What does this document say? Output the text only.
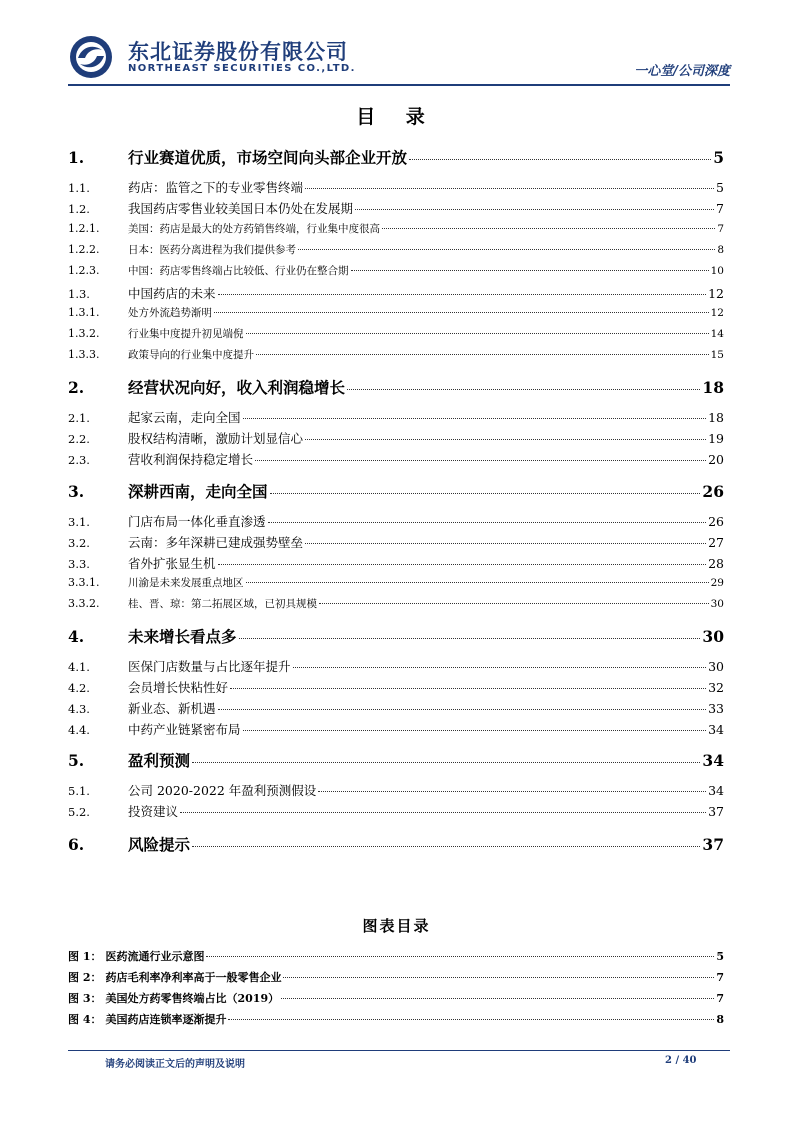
东北证券股份有限公司
NORTHEAST SECURITIES CO.,LTD.	一心堂/公司深度
目 录
1.	行业赛道优质，市场空间向头部企业开放	5
1.1.	药店：监管之下的专业零售终端	5
1.2.	我国药店零售业较美国日本仍处在发展期	7
1.2.1.	美国：药店是最大的处方药销售终端，行业集中度很高	7
1.2.2.	日本：医药分离进程为我们提供参考	8
1.2.3.	中国：药店零售终端占比较低、行业仍在整合期	10
1.3.	中国药店的未来	12
1.3.1.	处方外流趋势渐明	12
1.3.2.	行业集中度提升初见端倪	14
1.3.3.	政策导向的行业集中度提升	15
2.	经营状况向好，收入利润稳增长	18
2.1.	起家云南，走向全国	18
2.2.	股权结构清晰，激励计划显信心	19
2.3.	营收利润保持稳定增长	20
3.	深耕西南，走向全国	26
3.1.	门店布局一体化垂直渗透	26
3.2.	云南：多年深耕已建成强势壁垒	27
3.3.	省外扩张显生机	28
3.3.1.	川渝是未来发展重点地区	29
3.3.2.	桂、晋、琼：第二拓展区域，已初具规模	30
4.	未来增长看点多	30
4.1.	医保门店数量与占比逐年提升	30
4.2.	会员增长快粘性好	32
4.3.	新业态、新机遇	33
4.4.	中药产业链紧密布局	34
5.	盈利预测	34
5.1.	公司 2020-2022 年盈利预测假设	34
5.2.	投资建议	37
6.	风险提示	37
图表目录
图 1： 医药流通行业示意图	5
图 2： 药店毛利率净利率高于一般零售企业	7
图 3： 美国处方药零售终端占比（2019）	7
图 4： 美国药店连锁率逐渐提升	8
请务必阅读正文后的声明及说明	2 / 40
